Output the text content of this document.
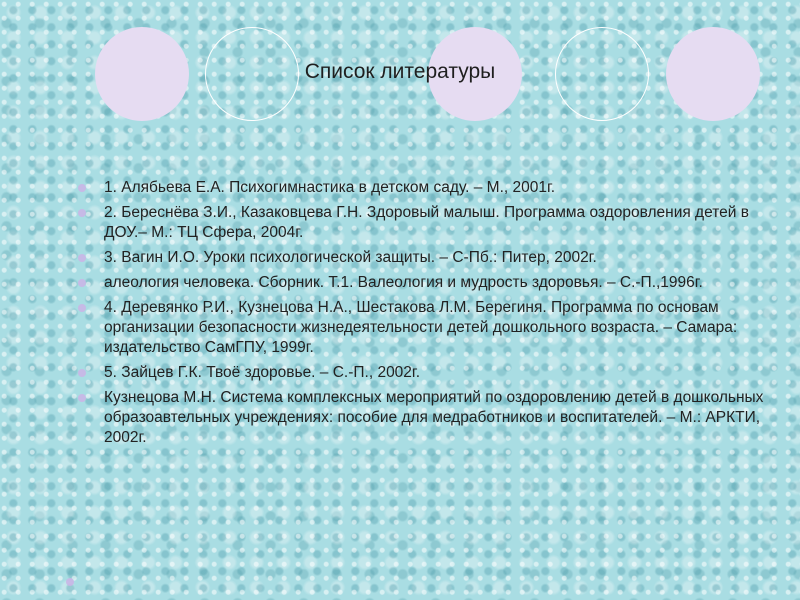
Список литературы
1. Алябьева Е.А. Психогимнастика в детском саду. – М., 2001г.
2. Береснёва З.И., Казаковцева Г.Н. Здоровый малыш. Программа оздоровления детей в ДОУ.– М.: ТЦ Сфера, 2004г.
3. Вагин И.О. Уроки психологической защиты. – С-Пб.: Питер, 2002г.
алеология человека. Сборник. Т.1. Валеология и мудрость здоровья. – С.-П.,1996г.
4. Деревянко Р.И., Кузнецова Н.А., Шестакова Л.М. Берегиня. Программа по основам организации безопасности жизнедеятельности детей дошкольного возраста. – Самара: издательство СамГПУ, 1999г.
5. Зайцев Г.К. Твоё здоровье. – С.-П., 2002г.
Кузнецова М.Н. Система комплексных мероприятий по оздоровлению детей в дошкольных образоавтельных учреждениях: пособие для медработников и воспитателей. – М.: АРКТИ, 2002г.
